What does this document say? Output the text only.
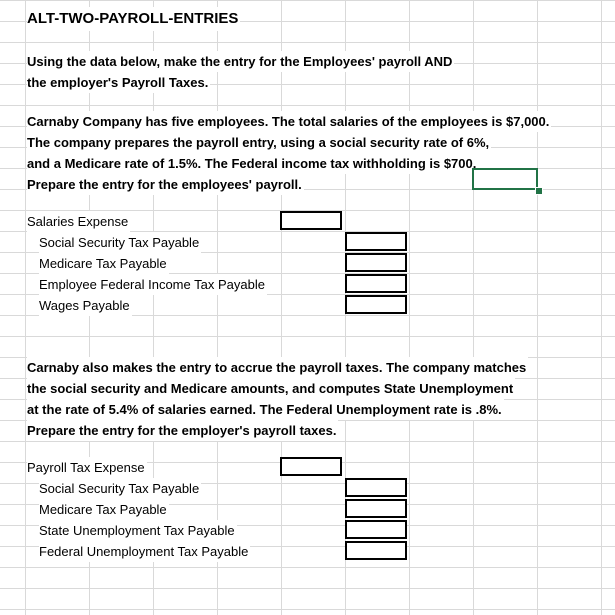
ALT-TWO-PAYROLL-ENTRIES
Using the data below, make the entry for the Employees' payroll AND
the employer's Payroll Taxes.
Carnaby Company has five employees. The total salaries of the employees is $7,000.
The company prepares the payroll entry, using a social security rate of 6%,
and a Medicare rate of 1.5%. The Federal income tax withholding is $700.
Prepare the entry for the employees' payroll.
Salaries Expense
Social Security Tax Payable
Medicare Tax Payable
Employee Federal Income Tax Payable
Wages Payable
Carnaby also makes the entry to accrue the payroll taxes. The company matches
the social security and Medicare amounts, and computes State Unemployment
at the rate of 5.4% of salaries earned. The Federal Unemployment rate is .8%.
Prepare the entry for the employer's payroll taxes.
Payroll Tax Expense
Social Security Tax Payable
Medicare Tax Payable
State Unemployment Tax Payable
Federal Unemployment Tax Payable
